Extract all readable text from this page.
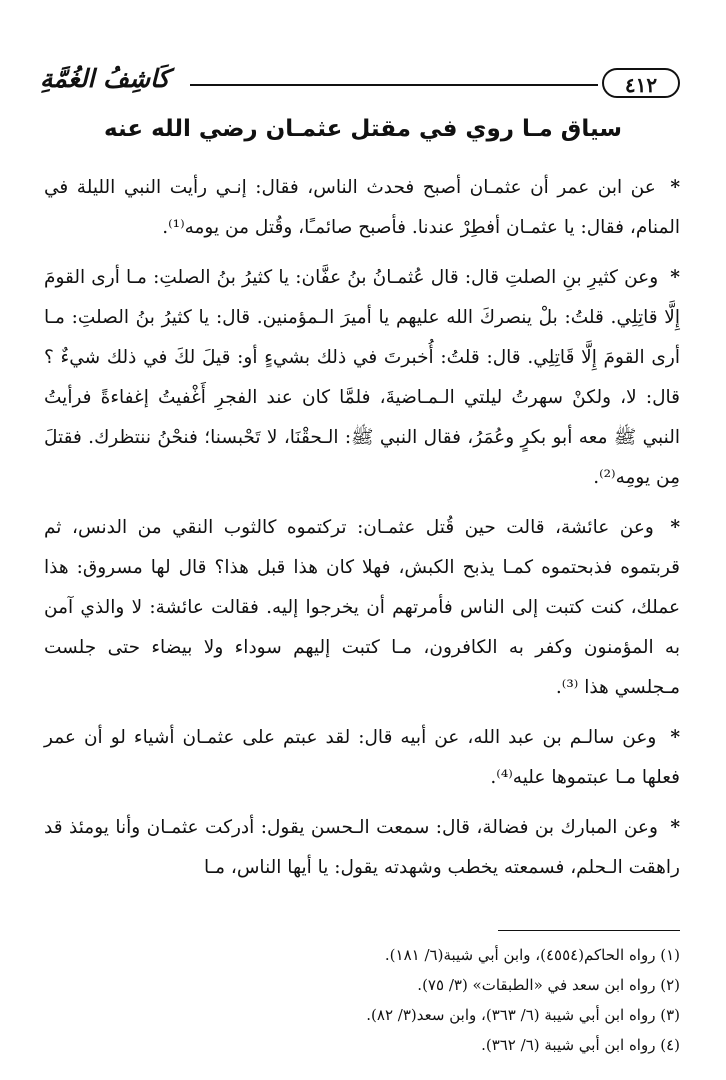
٤١٢
كَاشِفُ الغُمَّةِ
سياق مـا روي في مقتل عثمـان رضي الله عنه

* عن ابن عمر أن عثمـان أصبح فحدث الناس، فقال: إنـي رأيت النبي الليلة في المنام، فقال: يا عثمـان أفطِرْ عندنا. فأصبح صائمـًا، وقُتل من يومه⁽¹⁾.

* وعن كثيرِ بنِ الصلتِ قال: قال عُثمـانُ بنُ عفَّان: يا كثيرُ بنُ الصلتِ: مـا أرى القومَ إِلَّا قاتِلِي. قلتُ: بلْ ينصركَ الله عليهم يا أميرَ الـمؤمنين. قال: يا كثيرُ بنُ الصلتِ: مـا أرى القومَ إِلَّا قَاتِلِي. قال: قلتُ: أُخبرتَ في ذلك بشيءٍ أو: قيلَ لكَ في ذلك شيءٌ ؟ قال: لا، ولكنْ سهرتُ ليلتي الـمـاضيةَ، فلمَّا كان عند الفجرِ أَغْفيتُ إغفاءةً فرأيتُ النبي ﷺ معه أبو بكرٍ وعُمَرُ، فقال النبي ﷺ: الـحقْنَا، لا تَحْبسنا؛ فنحْنُ ننتظرك. فقتلَ مِن يومِه⁽²⁾.

* وعن عائشة، قالت حين قُتل عثمـان: تركتموه كالثوب النقي من الدنس، ثم قربتموه فذبحتموه كمـا يذبح الكبش، فهلا كان هذا قبل هذا؟ قال لها مسروق: هذا عملك، كنت كتبت إلى الناس فأمرتهم أن يخرجوا إليه. فقالت عائشة: لا والذي آمن به المؤمنون وكفر به الكافرون، مـا كتبت إليهم سوداء ولا بيضاء حتى جلست مـجلسي هذا ⁽³⁾.

* وعن سالـم بن عبد الله، عن أبيه قال: لقد عبتم على عثمـان أشياء لو أن عمر فعلها مـا عبتموها عليه⁽⁴⁾.

* وعن المبارك بن فضالة، قال: سمعت الـحسن يقول: أدركت عثمـان وأنا يومئذ قد راهقت الـحلم، فسمعته يخطب وشهدته يقول: يا أيها الناس، مـا

(١) رواه الحاكم(٤٥٥٤)، وابن أبي شيبة(٦/ ١٨١).
(٢) رواه ابن سعد في «الطبقات» (٣/ ٧٥).
(٣) رواه ابن أبي شيبة (٦/ ٣٦٣)، وابن سعد(٣/ ٨٢).
(٤) رواه ابن أبي شيبة (٦/ ٣٦٢).
